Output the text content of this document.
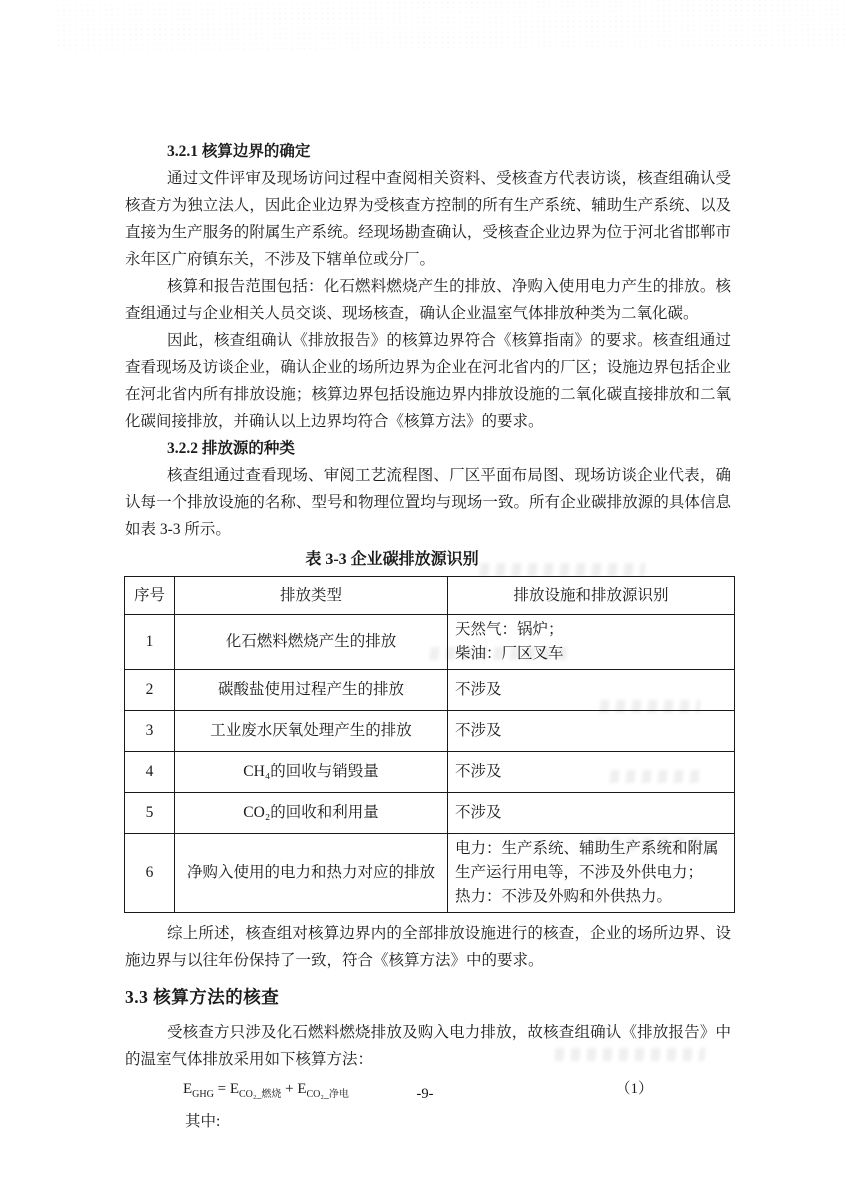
3.2.1 核算边界的确定

通过文件评审及现场访问过程中查阅相关资料、受核查方代表访谈，核查组确认受核查方为独立法人，因此企业边界为受核查方控制的所有生产系统、辅助生产系统、以及直接为生产服务的附属生产系统。经现场勘查确认，受核查企业边界为位于河北省邯郸市永年区广府镇东关，不涉及下辖单位或分厂。

核算和报告范围包括：化石燃料燃烧产生的排放、净购入使用电力产生的排放。核查组通过与企业相关人员交谈、现场核查，确认企业温室气体排放种类为二氧化碳。

因此，核查组确认《排放报告》的核算边界符合《核算指南》的要求。核查组通过查看现场及访谈企业，确认企业的场所边界为企业在河北省内的厂区；设施边界包括企业在河北省内所有排放设施；核算边界包括设施边界内排放设施的二氧化碳直接排放和二氧化碳间接排放，并确认以上边界均符合《核算方法》的要求。

3.2.2 排放源的种类

核查组通过查看现场、审阅工艺流程图、厂区平面布局图、现场访谈企业代表，确认每一个排放设施的名称、型号和物理位置均与现场一致。所有企业碳排放源的具体信息如表 3-3 所示。

表 3-3 企业碳排放源识别
序号	排放类型	排放设施和排放源识别
1	化石燃料燃烧产生的排放	天然气：锅炉；
柴油：厂区叉车

2	碳酸盐使用过程产生的排放	不涉及

3	工业废水厌氧处理产生的排放	不涉及

4	CH₄的回收与销毁量	不涉及

5	CO₂的回收和利用量	不涉及

6	净购入使用的电力和热力对应的排放	电力：生产系统、辅助生产系统和附属生产运行用电等，不涉及外供电力；
热力：不涉及外购和外供热力。

综上所述，核查组对核算边界内的全部排放设施进行的核查，企业的场所边界、设施边界与以往年份保持了一致，符合《核算方法》中的要求。

3.3 核算方法的核查

受核查方只涉及化石燃料燃烧排放及购入电力排放，故核查组确认《排放报告》中的温室气体排放采用如下核算方法：

$E_{GHG} = E_{CO_2\_燃烧} + E_{CO_2\_净电}$	（1）
其中:
-9-
